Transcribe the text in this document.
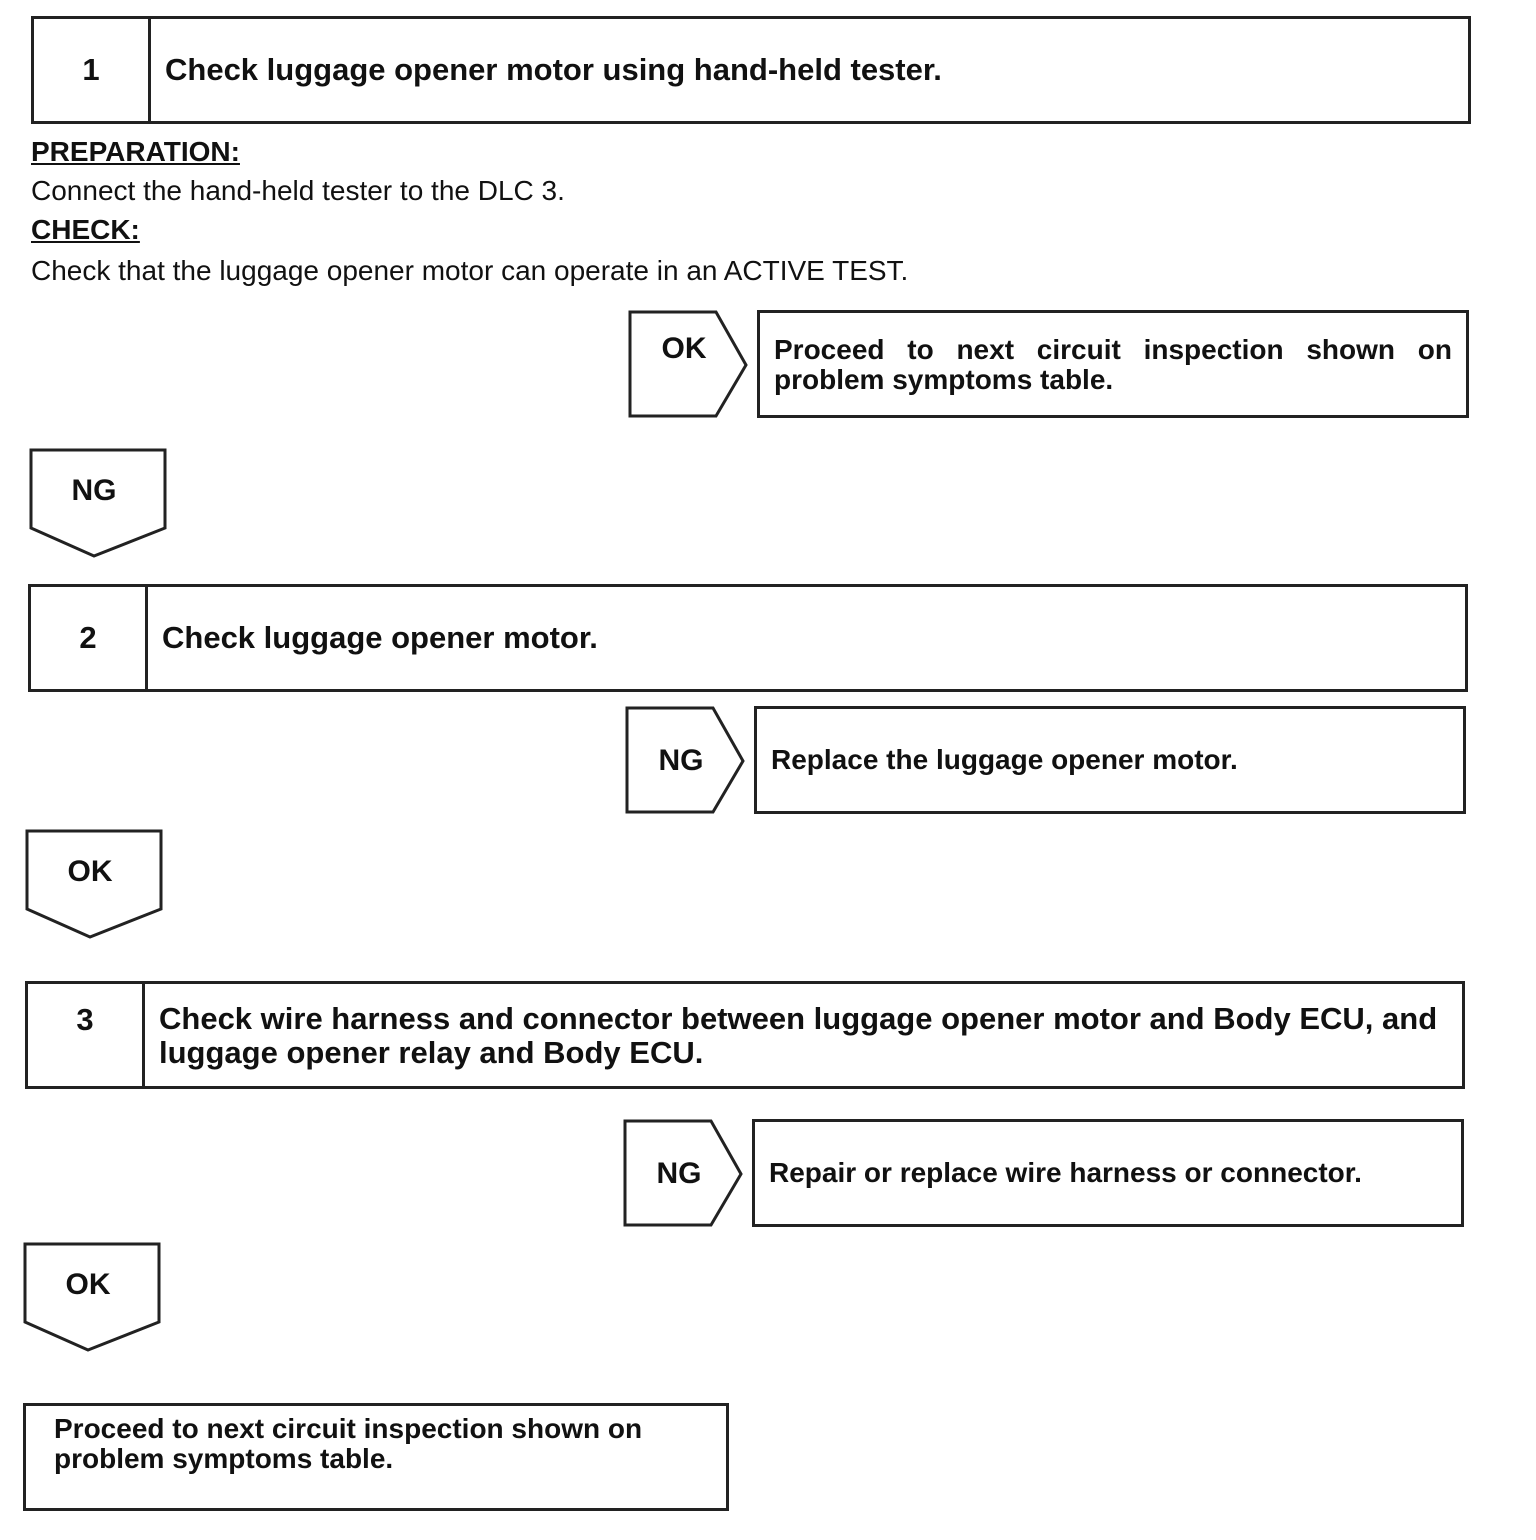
1	Check luggage opener motor using hand-held tester.
PREPARATION:
Connect the hand-held tester to the DLC 3.
CHECK:
Check that the luggage opener motor can operate in an ACTIVE TEST.
OK	Proceed to next circuit inspection shown on problem symptoms table.
NG
2	Check luggage opener motor.
NG	Replace the luggage opener motor.
OK
3	Check wire harness and connector between luggage opener motor and Body ECU, and luggage opener relay and Body ECU.
NG	Repair or replace wire harness or connector.
OK
Proceed to next circuit inspection shown on problem symptoms table.
